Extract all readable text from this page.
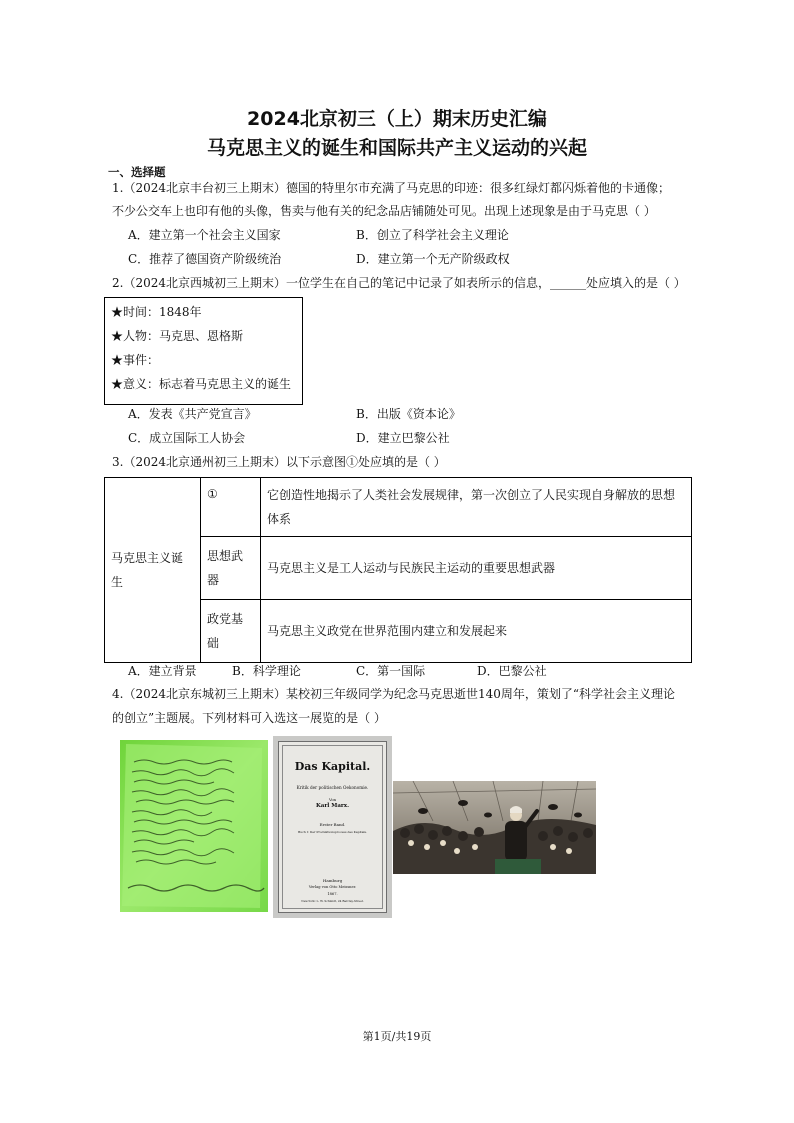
2024北京初三（上）期末历史汇编
马克思主义的诞生和国际共产主义运动的兴起
一、选择题
1.（2024北京丰台初三上期末）德国的特里尔市充满了马克思的印迹：很多红绿灯都闪烁着他的卡通像；
不少公交车上也印有他的头像，售卖与他有关的纪念品店铺随处可见。出现上述现象是由于马克思（ ）
A．建立第一个社会主义国家	B．创立了科学社会主义理论
C．推荐了德国资产阶级统治	D．建立第一个无产阶级政权
2.（2024北京西城初三上期末）一位学生在自己的笔记中记录了如表所示的信息，______处应填入的是（ ）
★时间：1848年
★人物：马克思、恩格斯
★事件：
★意义：标志着马克思主义的诞生
A．发表《共产党宣言》	B．出版《资本论》
C．成立国际工人协会	D．建立巴黎公社
3.（2024北京通州初三上期末）以下示意图①处应填的是（ ）
马克思主义诞生	①	它创造性地揭示了人类社会发展规律，第一次创立了人民实现自身解放的思想体系
	思想武器	马克思主义是工人运动与民族民主运动的重要思想武器
	政党基础	马克思主义政党在世界范围内建立和发展起来
A．建立背景	B．科学理论	C．第一国际	D．巴黎公社
4.（2024北京东城初三上期末）某校初三年级同学为纪念马克思逝世140周年，策划了“科学社会主义理论
的创立”主题展。下列材料可入选这一展览的是（ ）
Das Kapital.
Kritik der politischen Oekonomie.
Von
Karl Marx.
Erster Band.
Buch I: Der Produktionsprocess des Kapitals.
Hamburg
Verlag von Otto Meissner.
1867.
New-York: L. W. Schmidt, 24 Barclay-Street.
第1页/共19页
